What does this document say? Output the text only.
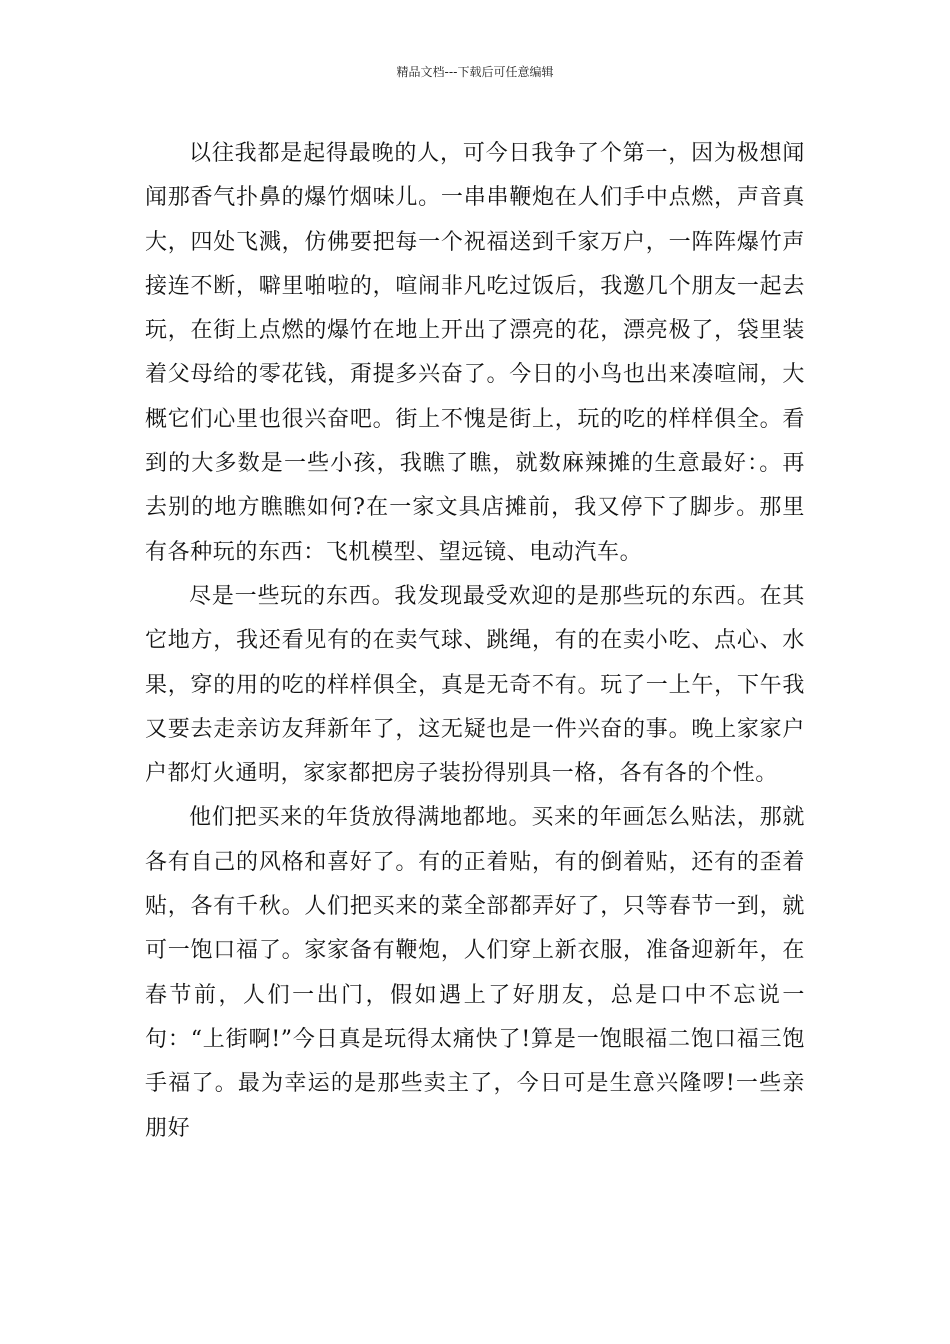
精品文档---下载后可任意编辑

以往我都是起得最晚的人，可今日我争了个第一，因为极想闻闻那香气扑鼻的爆竹烟味儿。一串串鞭炮在人们手中点燃，声音真大，四处飞溅，仿佛要把每一个祝福送到千家万户，一阵阵爆竹声接连不断，噼里啪啦的，喧闹非凡吃过饭后，我邀几个朋友一起去玩，在街上点燃的爆竹在地上开出了漂亮的花，漂亮极了，袋里装着父母给的零花钱，甭提多兴奋了。今日的小鸟也出来凑喧闹，大概它们心里也很兴奋吧。街上不愧是街上，玩的吃的样样俱全。看到的大多数是一些小孩，我瞧了瞧，就数麻辣摊的生意最好：。再去别的地方瞧瞧如何?在一家文具店摊前，我又停下了脚步。那里有各种玩的东西：飞机模型、望远镜、电动汽车。

尽是一些玩的东西。我发现最受欢迎的是那些玩的东西。在其它地方，我还看见有的在卖气球、跳绳，有的在卖小吃、点心、水果，穿的用的吃的样样俱全，真是无奇不有。玩了一上午，下午我又要去走亲访友拜新年了，这无疑也是一件兴奋的事。晚上家家户户都灯火通明，家家都把房子装扮得别具一格，各有各的个性。

他们把买来的年货放得满地都地。买来的年画怎么贴法，那就各有自己的风格和喜好了。有的正着贴，有的倒着贴，还有的歪着贴，各有千秋。人们把买来的菜全部都弄好了，只等春节一到，就可一饱口福了。家家备有鞭炮，人们穿上新衣服，准备迎新年，在春节前，人们一出门，假如遇上了好朋友，总是口中不忘说一句：“上街啊!”今日真是玩得太痛快了!算是一饱眼福二饱口福三饱手福了。最为幸运的是那些卖主了，今日可是生意兴隆啰!一些亲朋好
